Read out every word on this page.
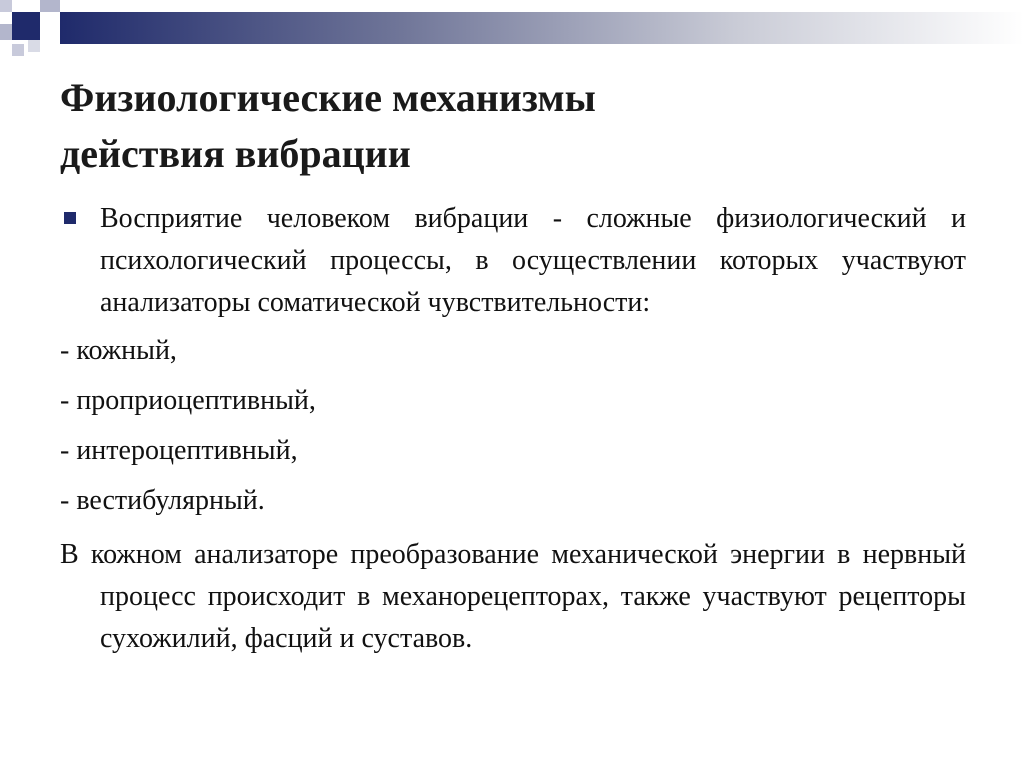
Физиологические механизмы
действия вибрации

Восприятие человеком вибрации - сложные физиологический и психологический процессы, в осуществлении которых участвуют анализаторы соматической чувствительности:

- кожный,

- проприоцептивный,

- интероцептивный,

- вестибулярный.

В кожном анализаторе преобразование механической энергии в нервный процесс происходит в механорецепторах, также участвуют рецепторы сухожилий, фасций и суставов.
